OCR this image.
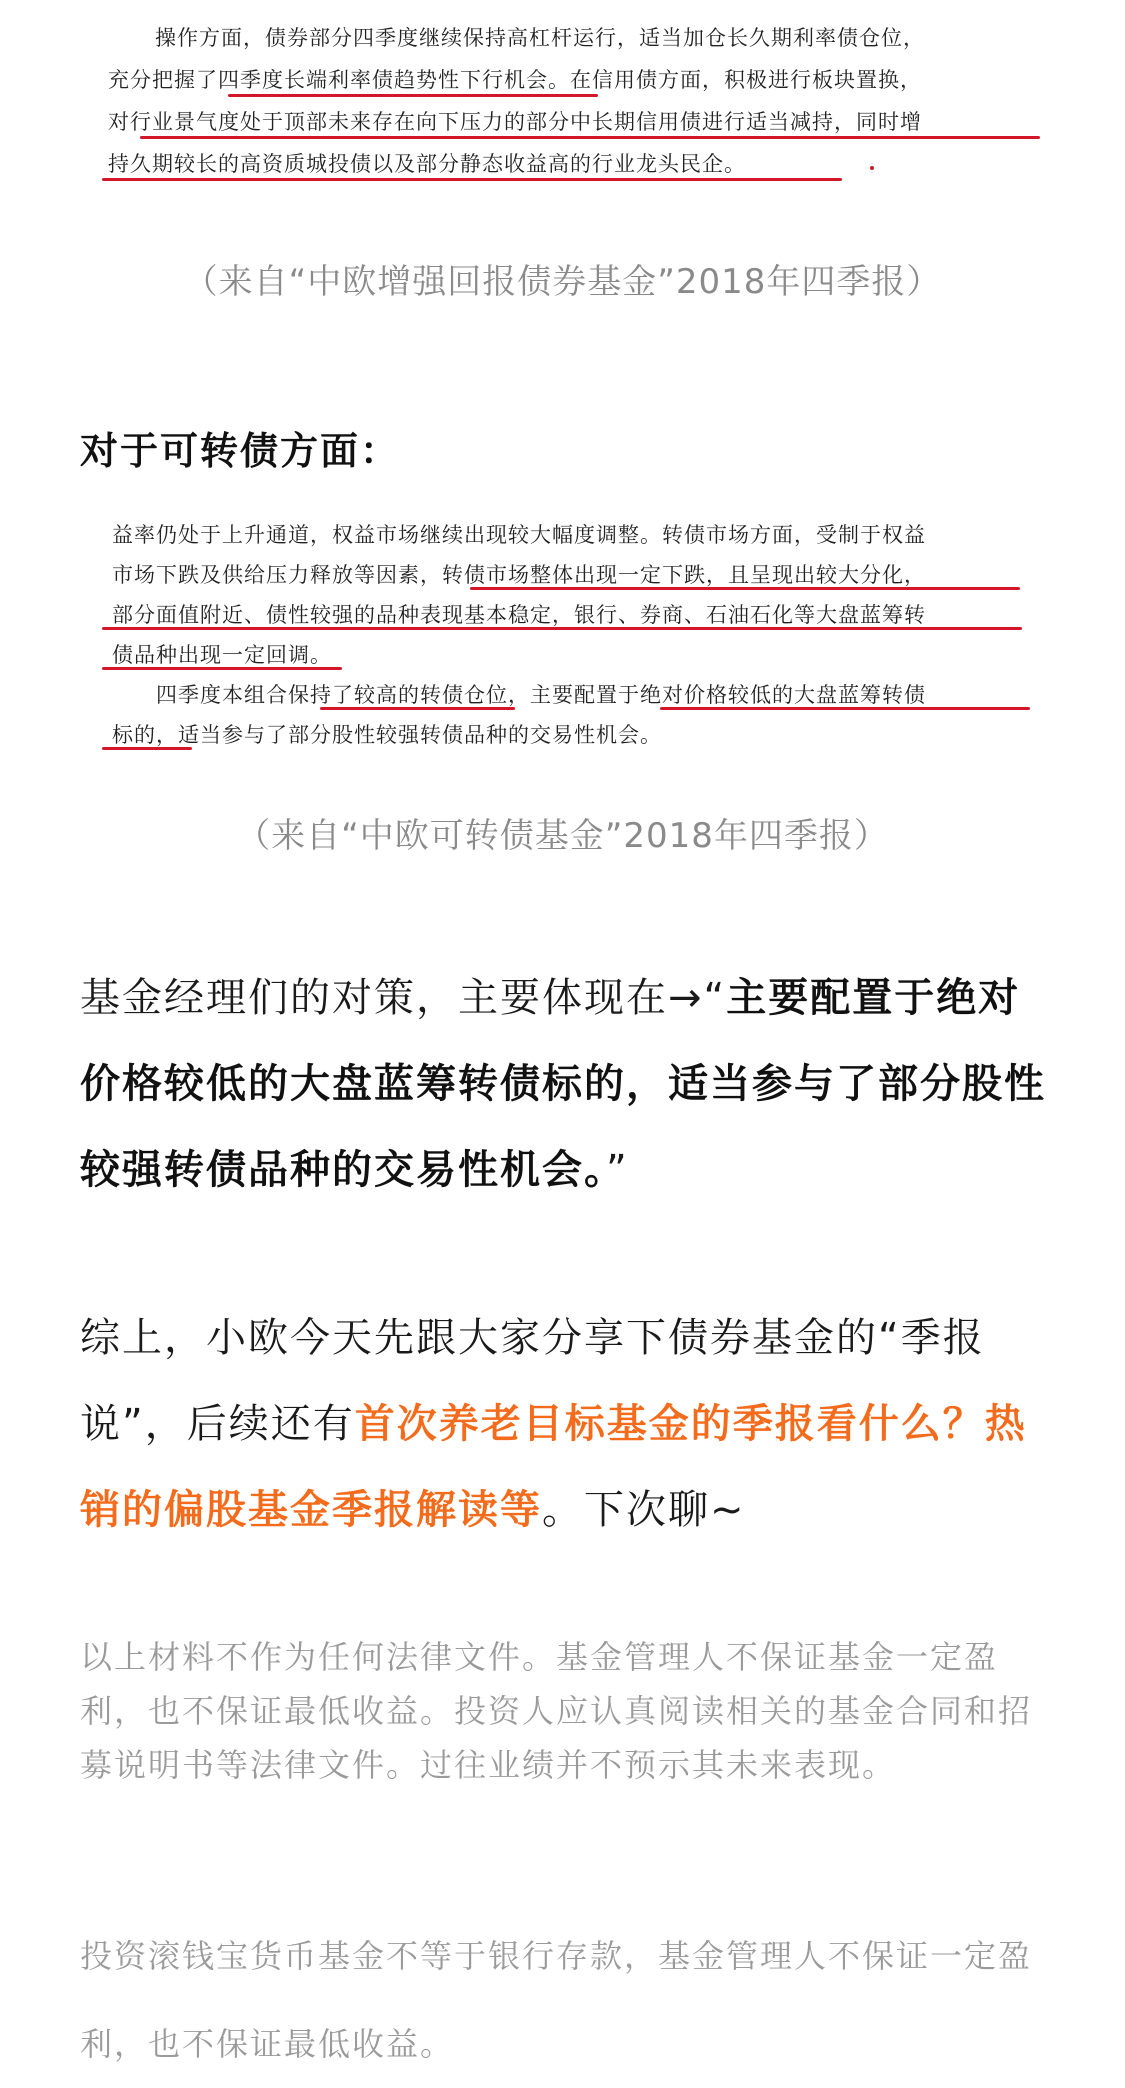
操作方面，债券部分四季度继续保持高杠杆运行，适当加仓长久期利率债仓位，
充分把握了四季度长端利率债趋势性下行机会。在信用债方面，积极进行板块置换，
对行业景气度处于顶部未来存在向下压力的部分中长期信用债进行适当减持，同时增
持久期较长的高资质城投债以及部分静态收益高的行业龙头民企。
（来自“中欧增强回报债券基金”2018年四季报）
对于可转债方面：
益率仍处于上升通道，权益市场继续出现较大幅度调整。转债市场方面，受制于权益
市场下跌及供给压力释放等因素，转债市场整体出现一定下跌，且呈现出较大分化，
部分面值附近、债性较强的品种表现基本稳定，银行、券商、石油石化等大盘蓝筹转
债品种出现一定回调。
　　四季度本组合保持了较高的转债仓位，主要配置于绝对价格较低的大盘蓝筹转债
标的，适当参与了部分股性较强转债品种的交易性机会。
（来自“中欧可转债基金”2018年四季报）
基金经理们的对策，主要体现在→“主要配置于绝对价格较低的大盘蓝筹转债标的，适当参与了部分股性较强转债品种的交易性机会。”
综上，小欧今天先跟大家分享下债券基金的“季报说”，后续还有首次养老目标基金的季报看什么？热销的偏股基金季报解读等。下次聊~
以上材料不作为任何法律文件。基金管理人不保证基金一定盈利，也不保证最低收益。投资人应认真阅读相关的基金合同和招募说明书等法律文件。过往业绩并不预示其未来表现。
投资滚钱宝货币基金不等于银行存款，基金管理人不保证一定盈利，也不保证最低收益。
